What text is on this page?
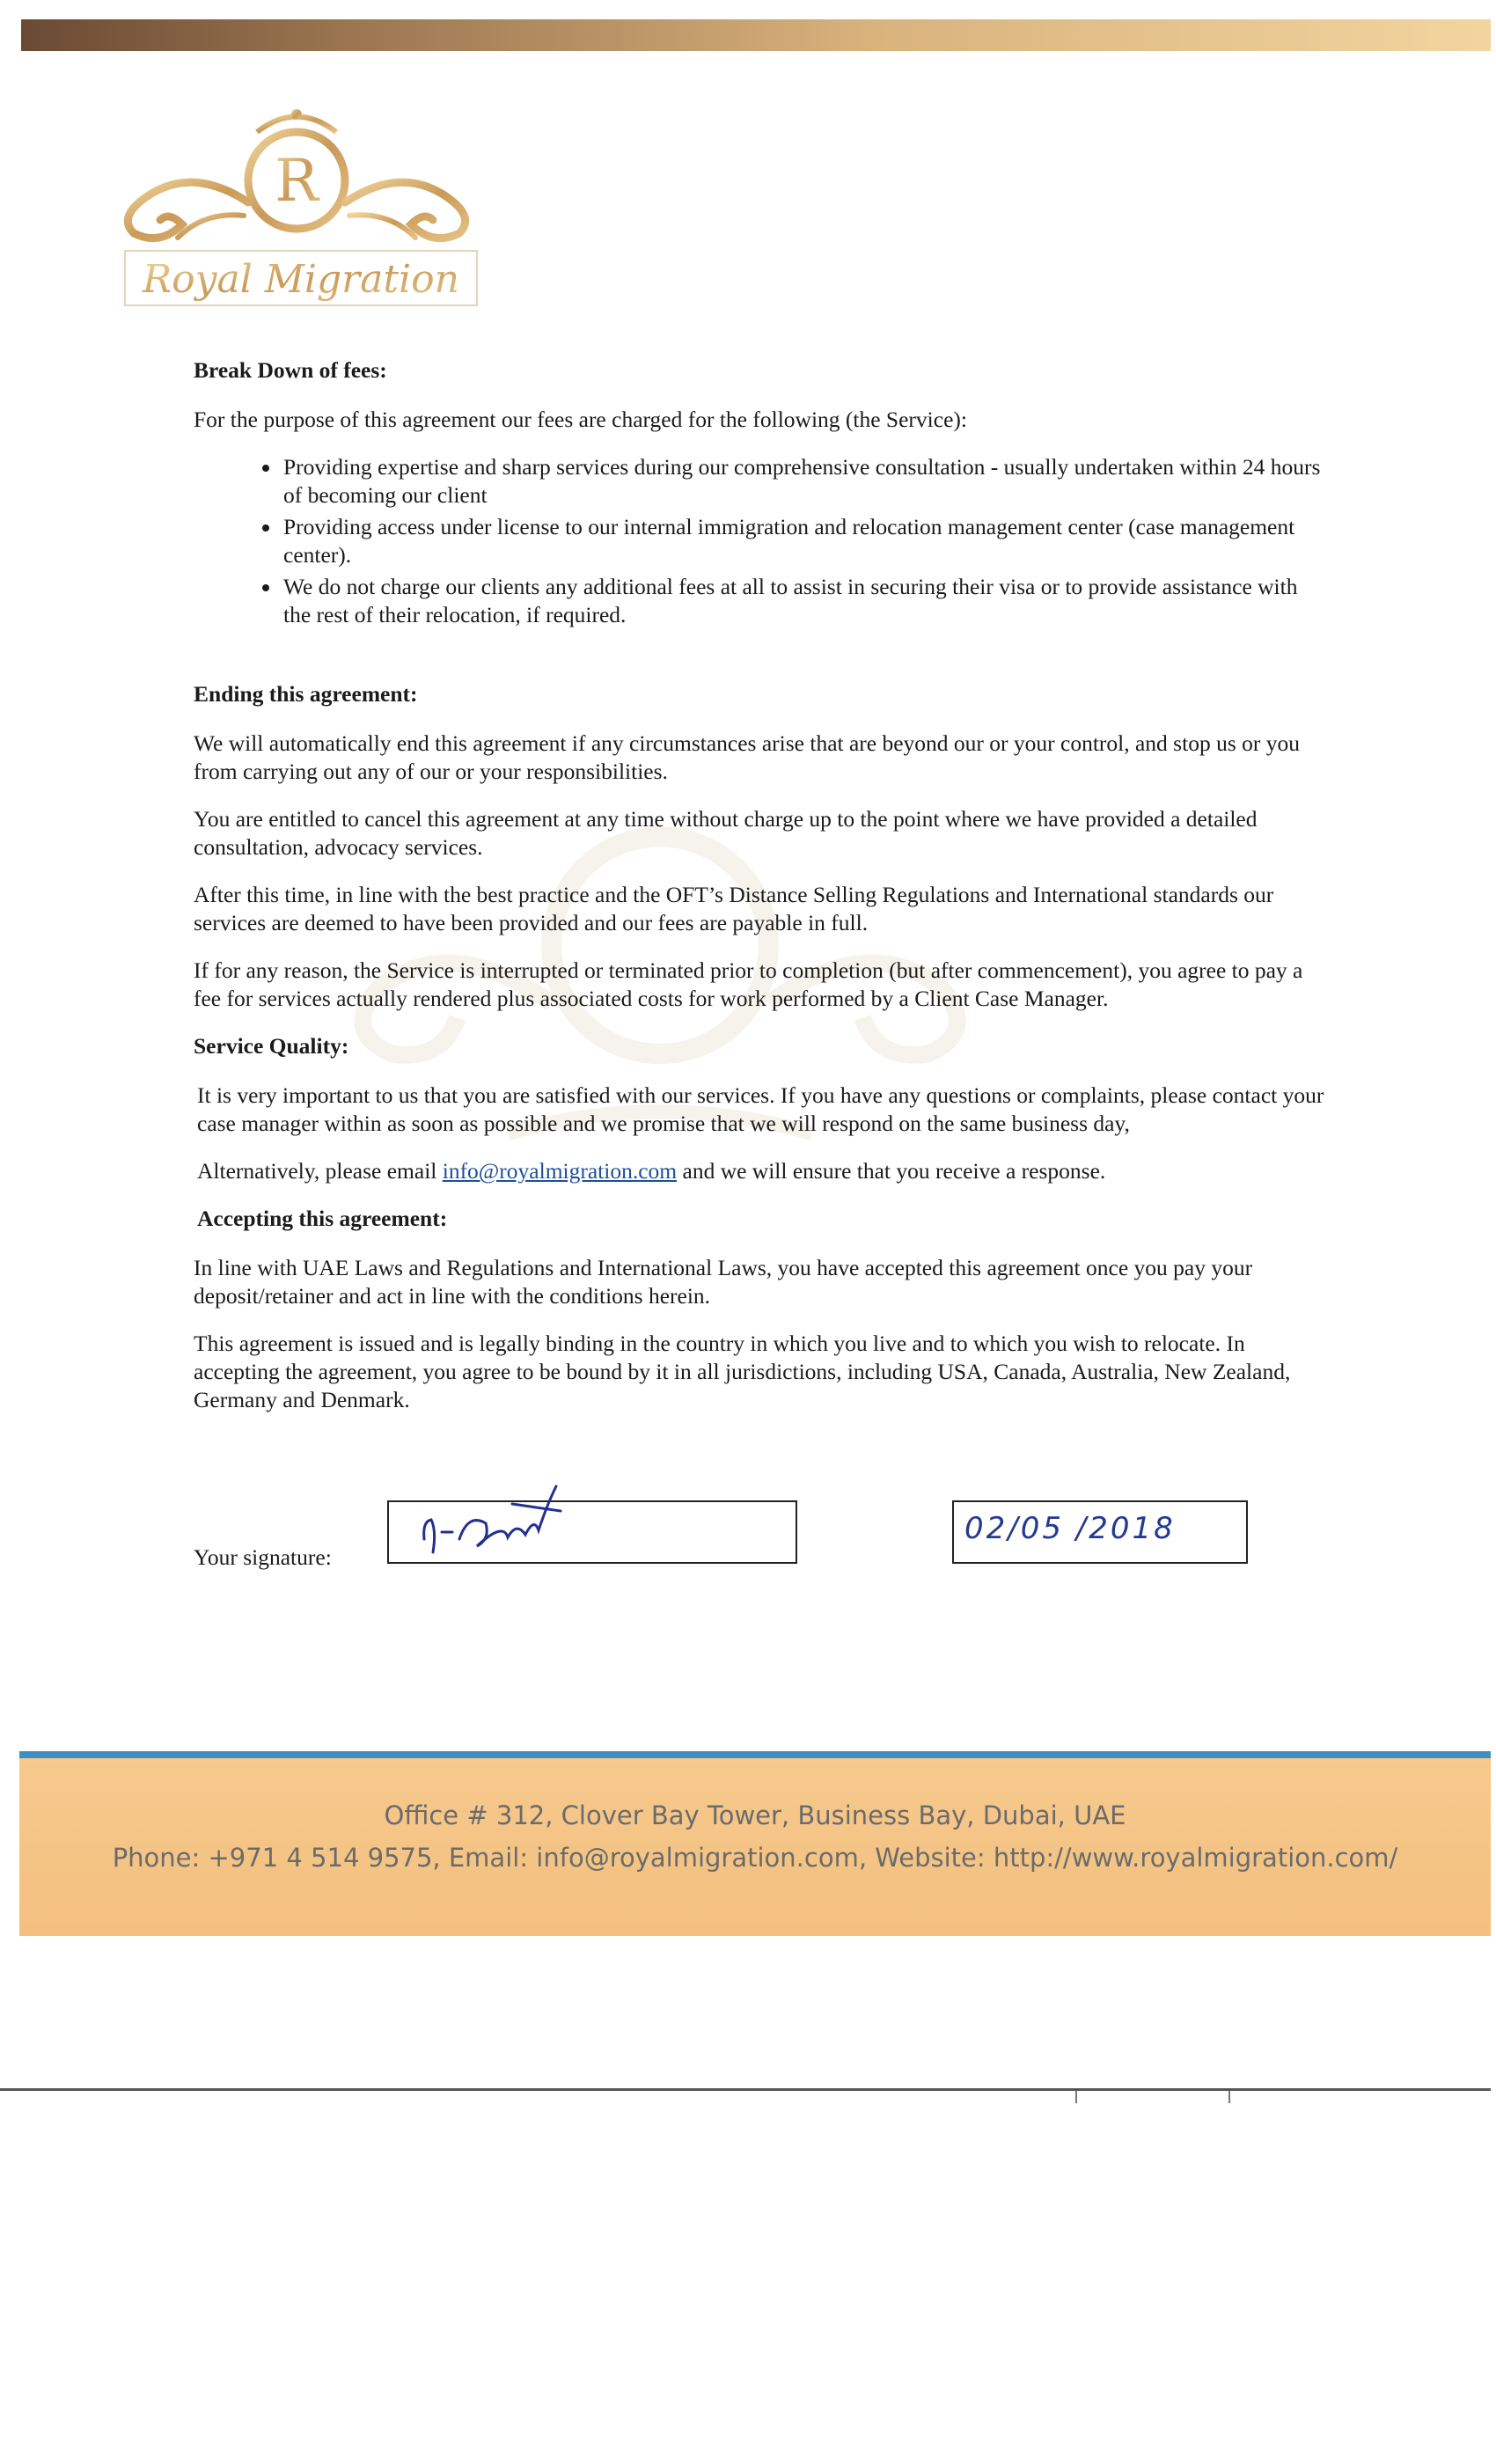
R
Royal Migration
Break Down of fees:
For the purpose of this agreement our fees are charged for the following (the Service):
• Providing expertise and sharp services during our comprehensive consultation - usually undertaken within 24 hours of becoming our client
• Providing access under license to our internal immigration and relocation management center (case management center).
• We do not charge our clients any additional fees at all to assist in securing their visa or to provide assistance with the rest of their relocation, if required.
Ending this agreement:
We will automatically end this agreement if any circumstances arise that are beyond our or your control, and stop us or you from carrying out any of our or your responsibilities.
You are entitled to cancel this agreement at any time without charge up to the point where we have provided a detailed consultation, advocacy services.
After this time, in line with the best practice and the OFT’s Distance Selling Regulations and International standards our services are deemed to have been provided and our fees are payable in full.
If for any reason, the Service is interrupted or terminated prior to completion (but after commencement), you agree to pay a fee for services actually rendered plus associated costs for work performed by a Client Case Manager.
Service Quality:
It is very important to us that you are satisfied with our services. If you have any questions or complaints, please contact your case manager within as soon as possible and we promise that we will respond on the same business day,
Alternatively, please email info@royalmigration.com and we will ensure that you receive a response.
Accepting this agreement:
In line with UAE Laws and Regulations and International Laws, you have accepted this agreement once you pay your deposit/retainer and act in line with the conditions herein.
This agreement is issued and is legally binding in the country in which you live and to which you wish to relocate. In accepting the agreement, you agree to be bound by it in all jurisdictions, including USA, Canada, Australia, New Zealand, Germany and Denmark.
Your signature:
02/05 /2018
Office # 312, Clover Bay Tower, Business Bay, Dubai, UAE
Phone: +971 4 514 9575, Email: info@royalmigration.com, Website: http://www.royalmigration.com/
